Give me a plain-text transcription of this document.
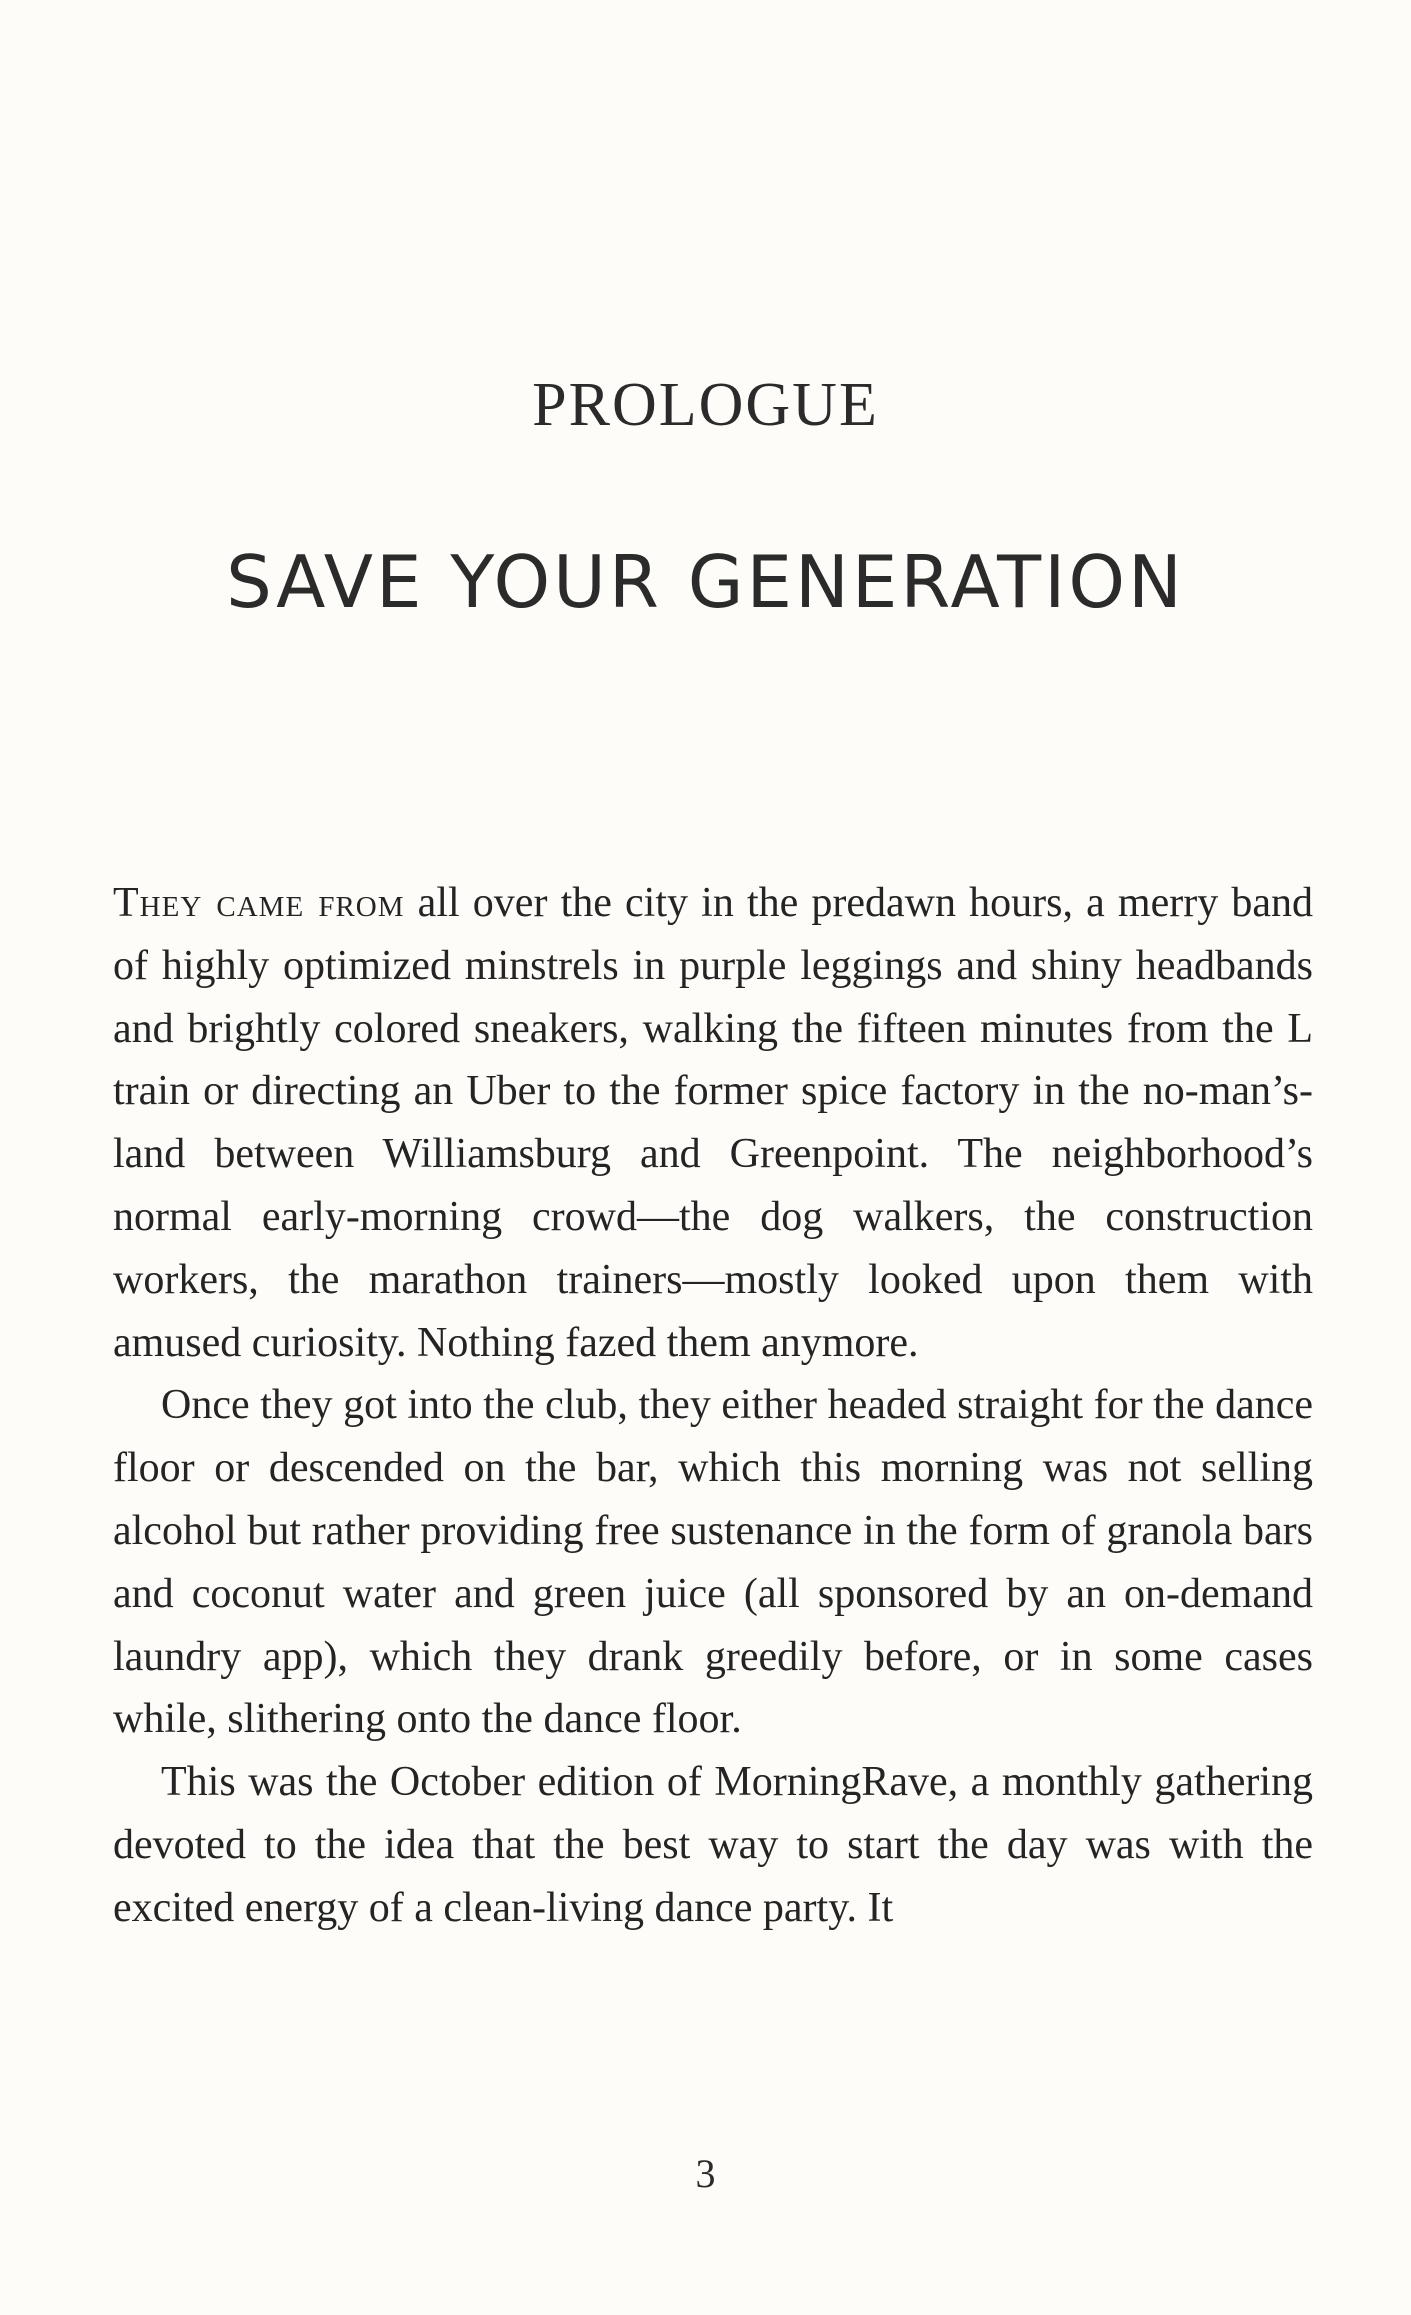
PROLOGUE
SAVE YOUR GENERATION

They came from all over the city in the predawn hours, a merry band of highly optimized minstrels in purple leggings and shiny headbands and brightly colored sneakers, walking the fifteen minutes from the L train or directing an Uber to the former spice factory in the no-man’s-land between Williamsburg and Greenpoint. The neighborhood’s normal early-morning crowd—the dog walkers, the construction workers, the marathon trainers—mostly looked upon them with amused curiosity. Nothing fazed them anymore.

Once they got into the club, they either headed straight for the dance floor or descended on the bar, which this morning was not selling alcohol but rather providing free sustenance in the form of granola bars and coconut water and green juice (all sponsored by an on-demand laundry app), which they drank greedily before, or in some cases while, slithering onto the dance floor.

This was the October edition of MorningRave, a monthly gathering devoted to the idea that the best way to start the day was with the excited energy of a clean-living dance party. It

3
